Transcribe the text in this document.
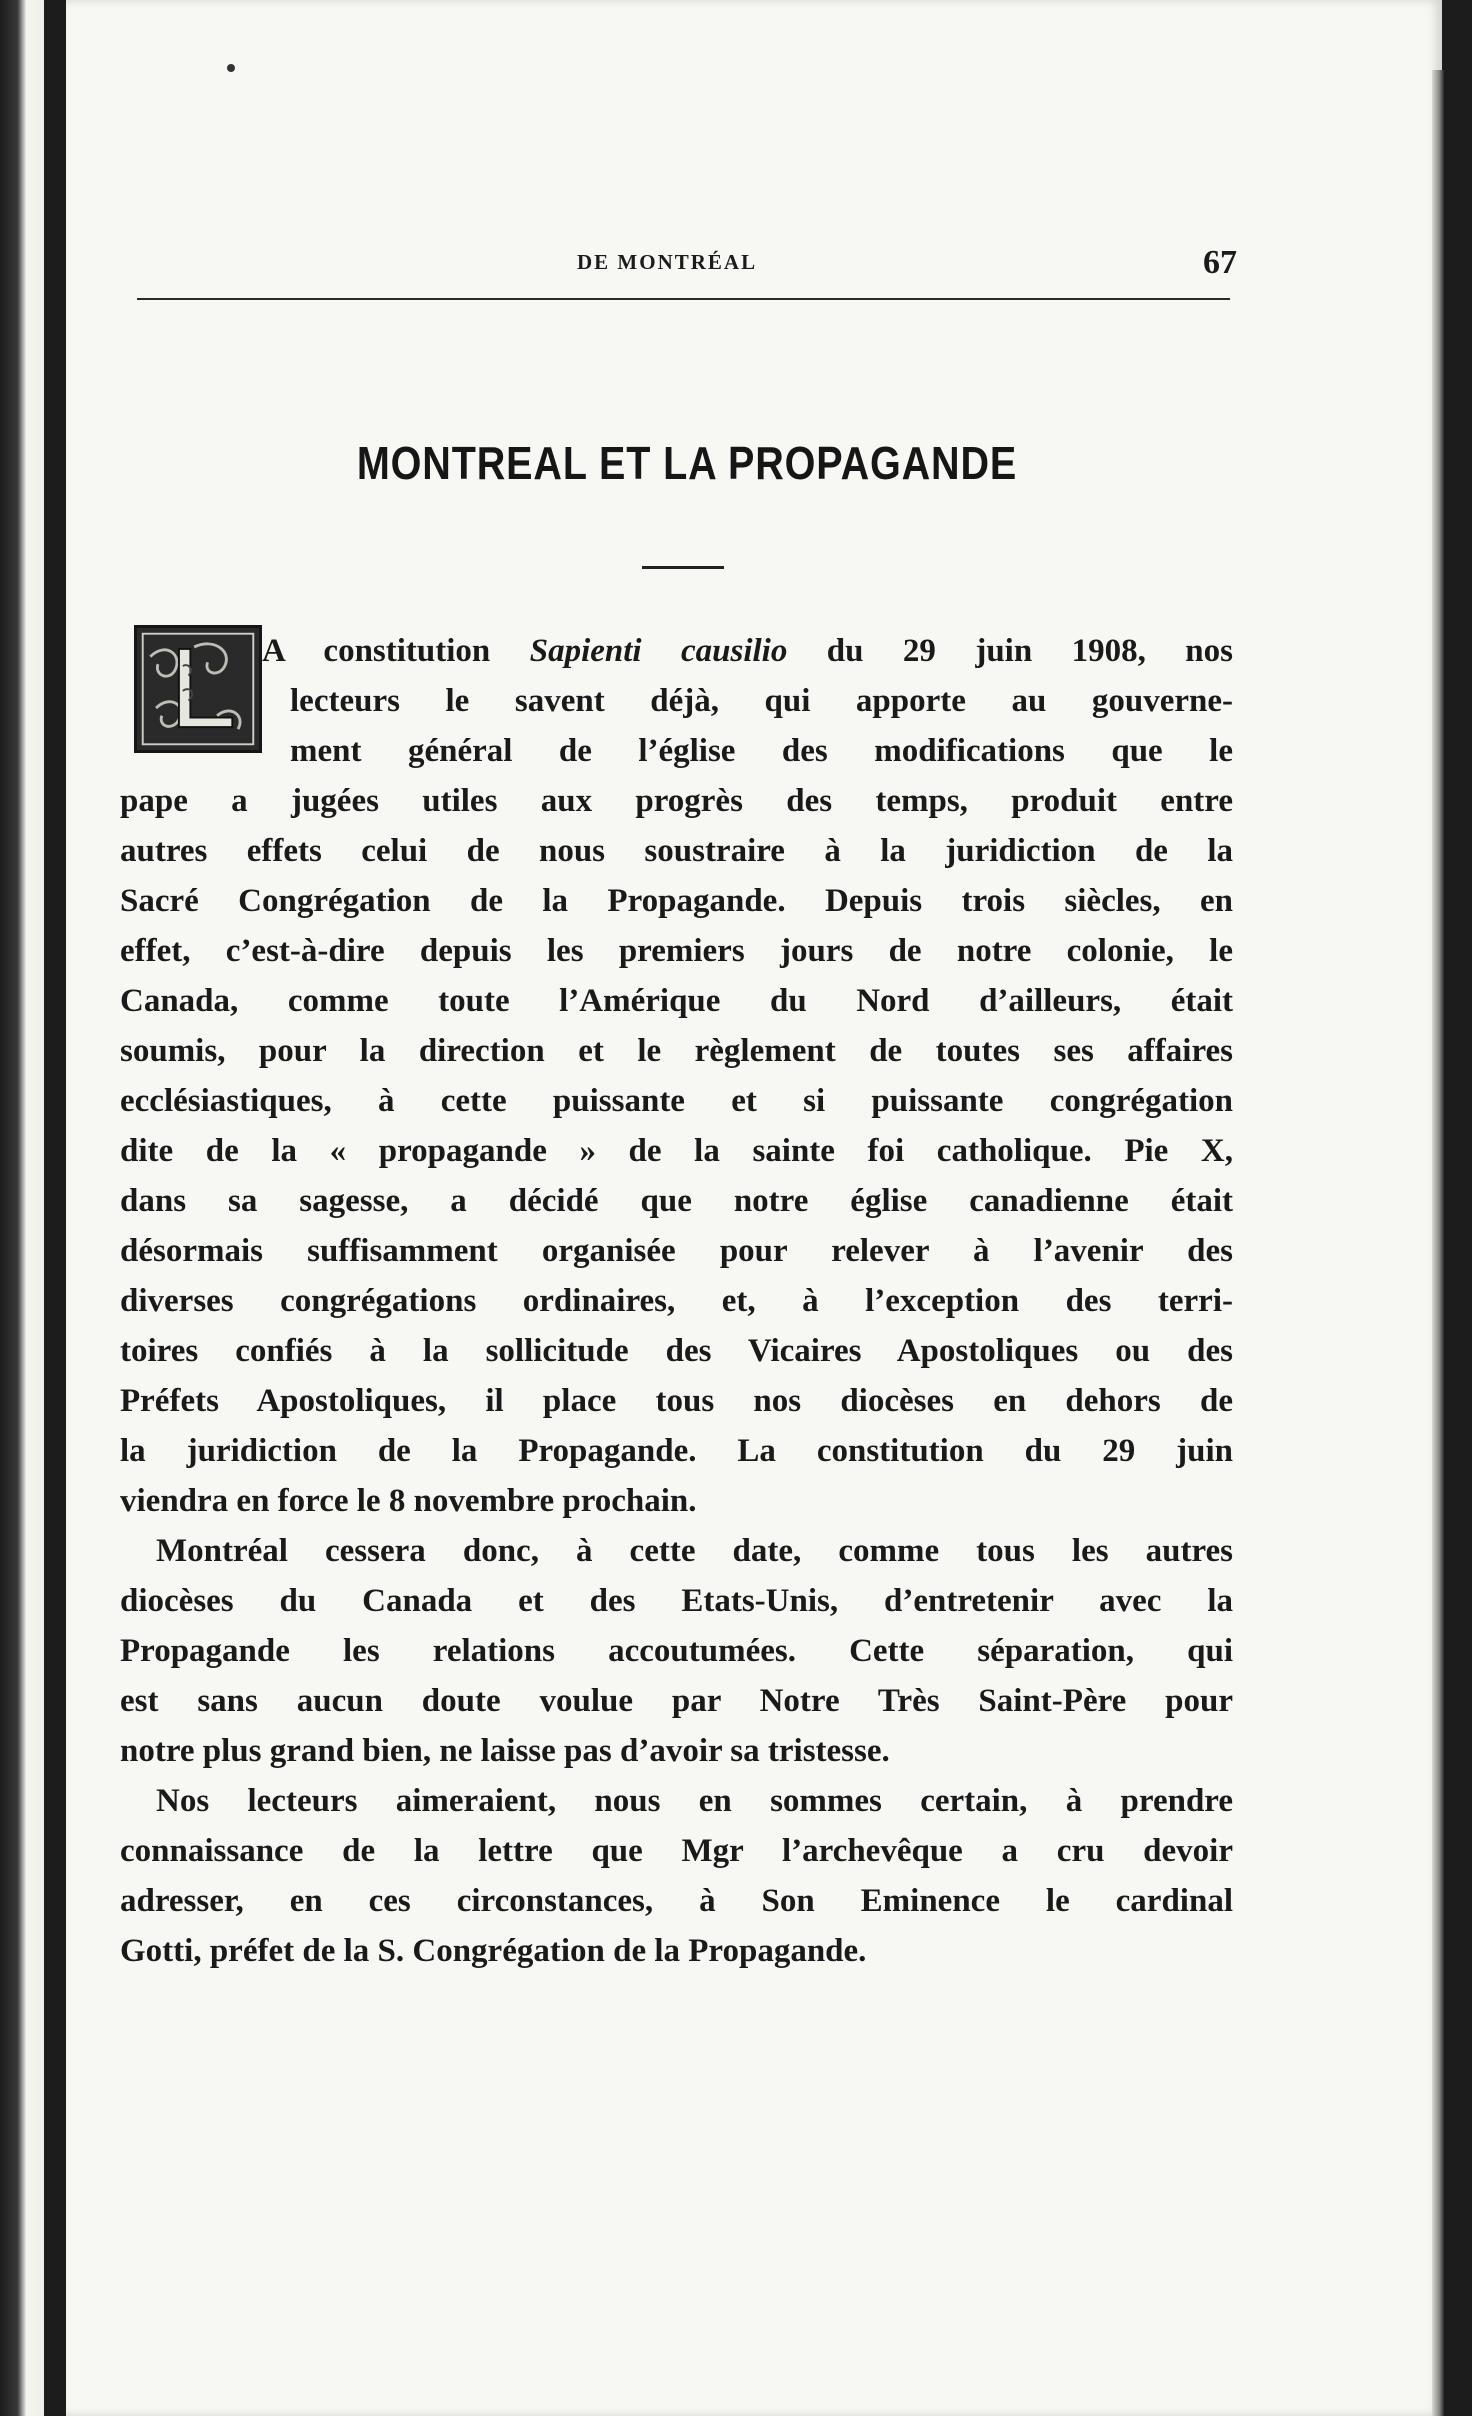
DE MONTRÉAL	67
MONTREAL ET LA PROPAGANDE
A constitution Sapienti causilio du 29 juin 1908, nos
lecteurs le savent déjà, qui apporte au gouverne-
ment général de l’église des modifications que le
pape a jugées utiles aux progrès des temps, produit entre
autres effets celui de nous soustraire à la juridiction de la
Sacré Congrégation de la Propagande. Depuis trois siècles, en
effet, c’est-à-dire depuis les premiers jours de notre colonie, le
Canada, comme toute l’Amérique du Nord d’ailleurs, était
soumis, pour la direction et le règlement de toutes ses affaires
ecclésiastiques, à cette puissante et si puissante congrégation
dite de la « propagande » de la sainte foi catholique. Pie X,
dans sa sagesse, a décidé que notre église canadienne était
désormais suffisamment organisée pour relever à l’avenir des
diverses congrégations ordinaires, et, à l’exception des terri-
toires confiés à la sollicitude des Vicaires Apostoliques ou des
Préfets Apostoliques, il place tous nos diocèses en dehors de
la juridiction de la Propagande. La constitution du 29 juin
viendra en force le 8 novembre prochain.
Montréal cessera donc, à cette date, comme tous les autres
diocèses du Canada et des Etats-Unis, d’entretenir avec la
Propagande les relations accoutumées. Cette séparation, qui
est sans aucun doute voulue par Notre Très Saint-Père pour
notre plus grand bien, ne laisse pas d’avoir sa tristesse.
Nos lecteurs aimeraient, nous en sommes certain, à prendre
connaissance de la lettre que Mgr l’archevêque a cru devoir
adresser, en ces circonstances, à Son Eminence le cardinal
Gotti, préfet de la S. Congrégation de la Propagande.
